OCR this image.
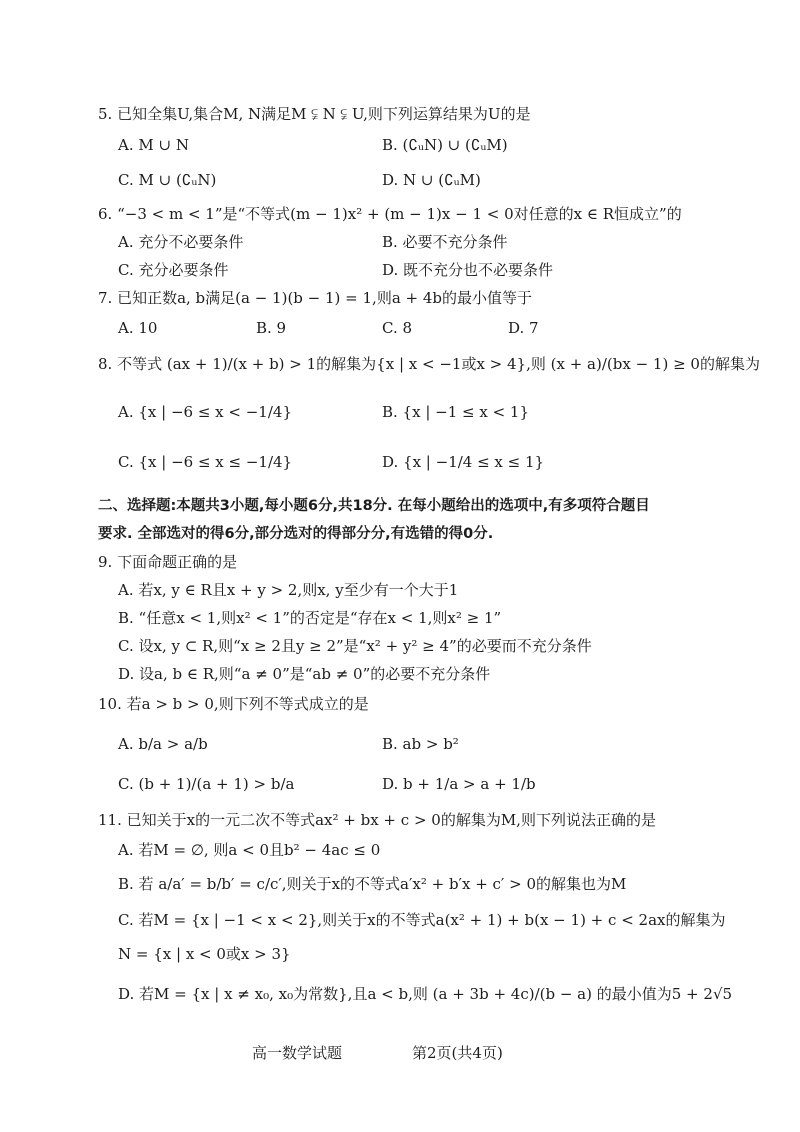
5. 已知全集U,集合M, N满足M ⫋ N ⫋ U,则下列运算结果为U的是
A. M ∪ N	B. (∁ᵤN) ∪ (∁ᵤM)
C. M ∪ (∁ᵤN)	D. N ∪ (∁ᵤM)
6. “−3 < m < 1”是“不等式(m − 1)x² + (m − 1)x − 1 < 0对任意的x ∈ R恒成立”的
A. 充分不必要条件	B. 必要不充分条件
C. 充分必要条件	D. 既不充分也不必要条件
7. 已知正数a, b满足(a − 1)(b − 1) = 1,则a + 4b的最小值等于
A. 10	B. 9	C. 8	D. 7
8. 不等式 (ax + 1)/(x + b) > 1的解集为{x | x < −1或x > 4},则 (x + a)/(bx − 1) ≥ 0的解集为
A. {x | −6 ≤ x < −1/4}	B. {x | −1 ≤ x < 1}
C. {x | −6 ≤ x ≤ −1/4}	D. {x | −1/4 ≤ x ≤ 1}
二、选择题:本题共3小题,每小题6分,共18分. 在每小题给出的选项中,有多项符合题目
要求. 全部选对的得6分,部分选对的得部分分,有选错的得0分.
9. 下面命题正确的是
A. 若x, y ∈ R且x + y > 2,则x, y至少有一个大于1
B. “任意x < 1,则x² < 1”的否定是“存在x < 1,则x² ≥ 1”
C. 设x, y ⊂ R,则“x ≥ 2且y ≥ 2”是“x² + y² ≥ 4”的必要而不充分条件
D. 设a, b ∈ R,则“a ≠ 0”是“ab ≠ 0”的必要不充分条件
10. 若a > b > 0,则下列不等式成立的是
A. b/a > a/b	B. ab > b²
C. (b + 1)/(a + 1) > b/a	D. b + 1/a > a + 1/b
11. 已知关于x的一元二次不等式ax² + bx + c > 0的解集为M,则下列说法正确的是
A. 若M = ∅, 则a < 0且b² − 4ac ≤ 0
B. 若 a/a′ = b/b′ = c/c′,则关于x的不等式a′x² + b′x + c′ > 0的解集也为M
C. 若M = {x | −1 < x < 2},则关于x的不等式a(x² + 1) + b(x − 1) + c < 2ax的解集为
N = {x | x < 0或x > 3}
D. 若M = {x | x ≠ x₀, x₀为常数},且a < b,则 (a + 3b + 4c)/(b − a) 的最小值为5 + 2√5
高一数学试题	第2页(共4页)
